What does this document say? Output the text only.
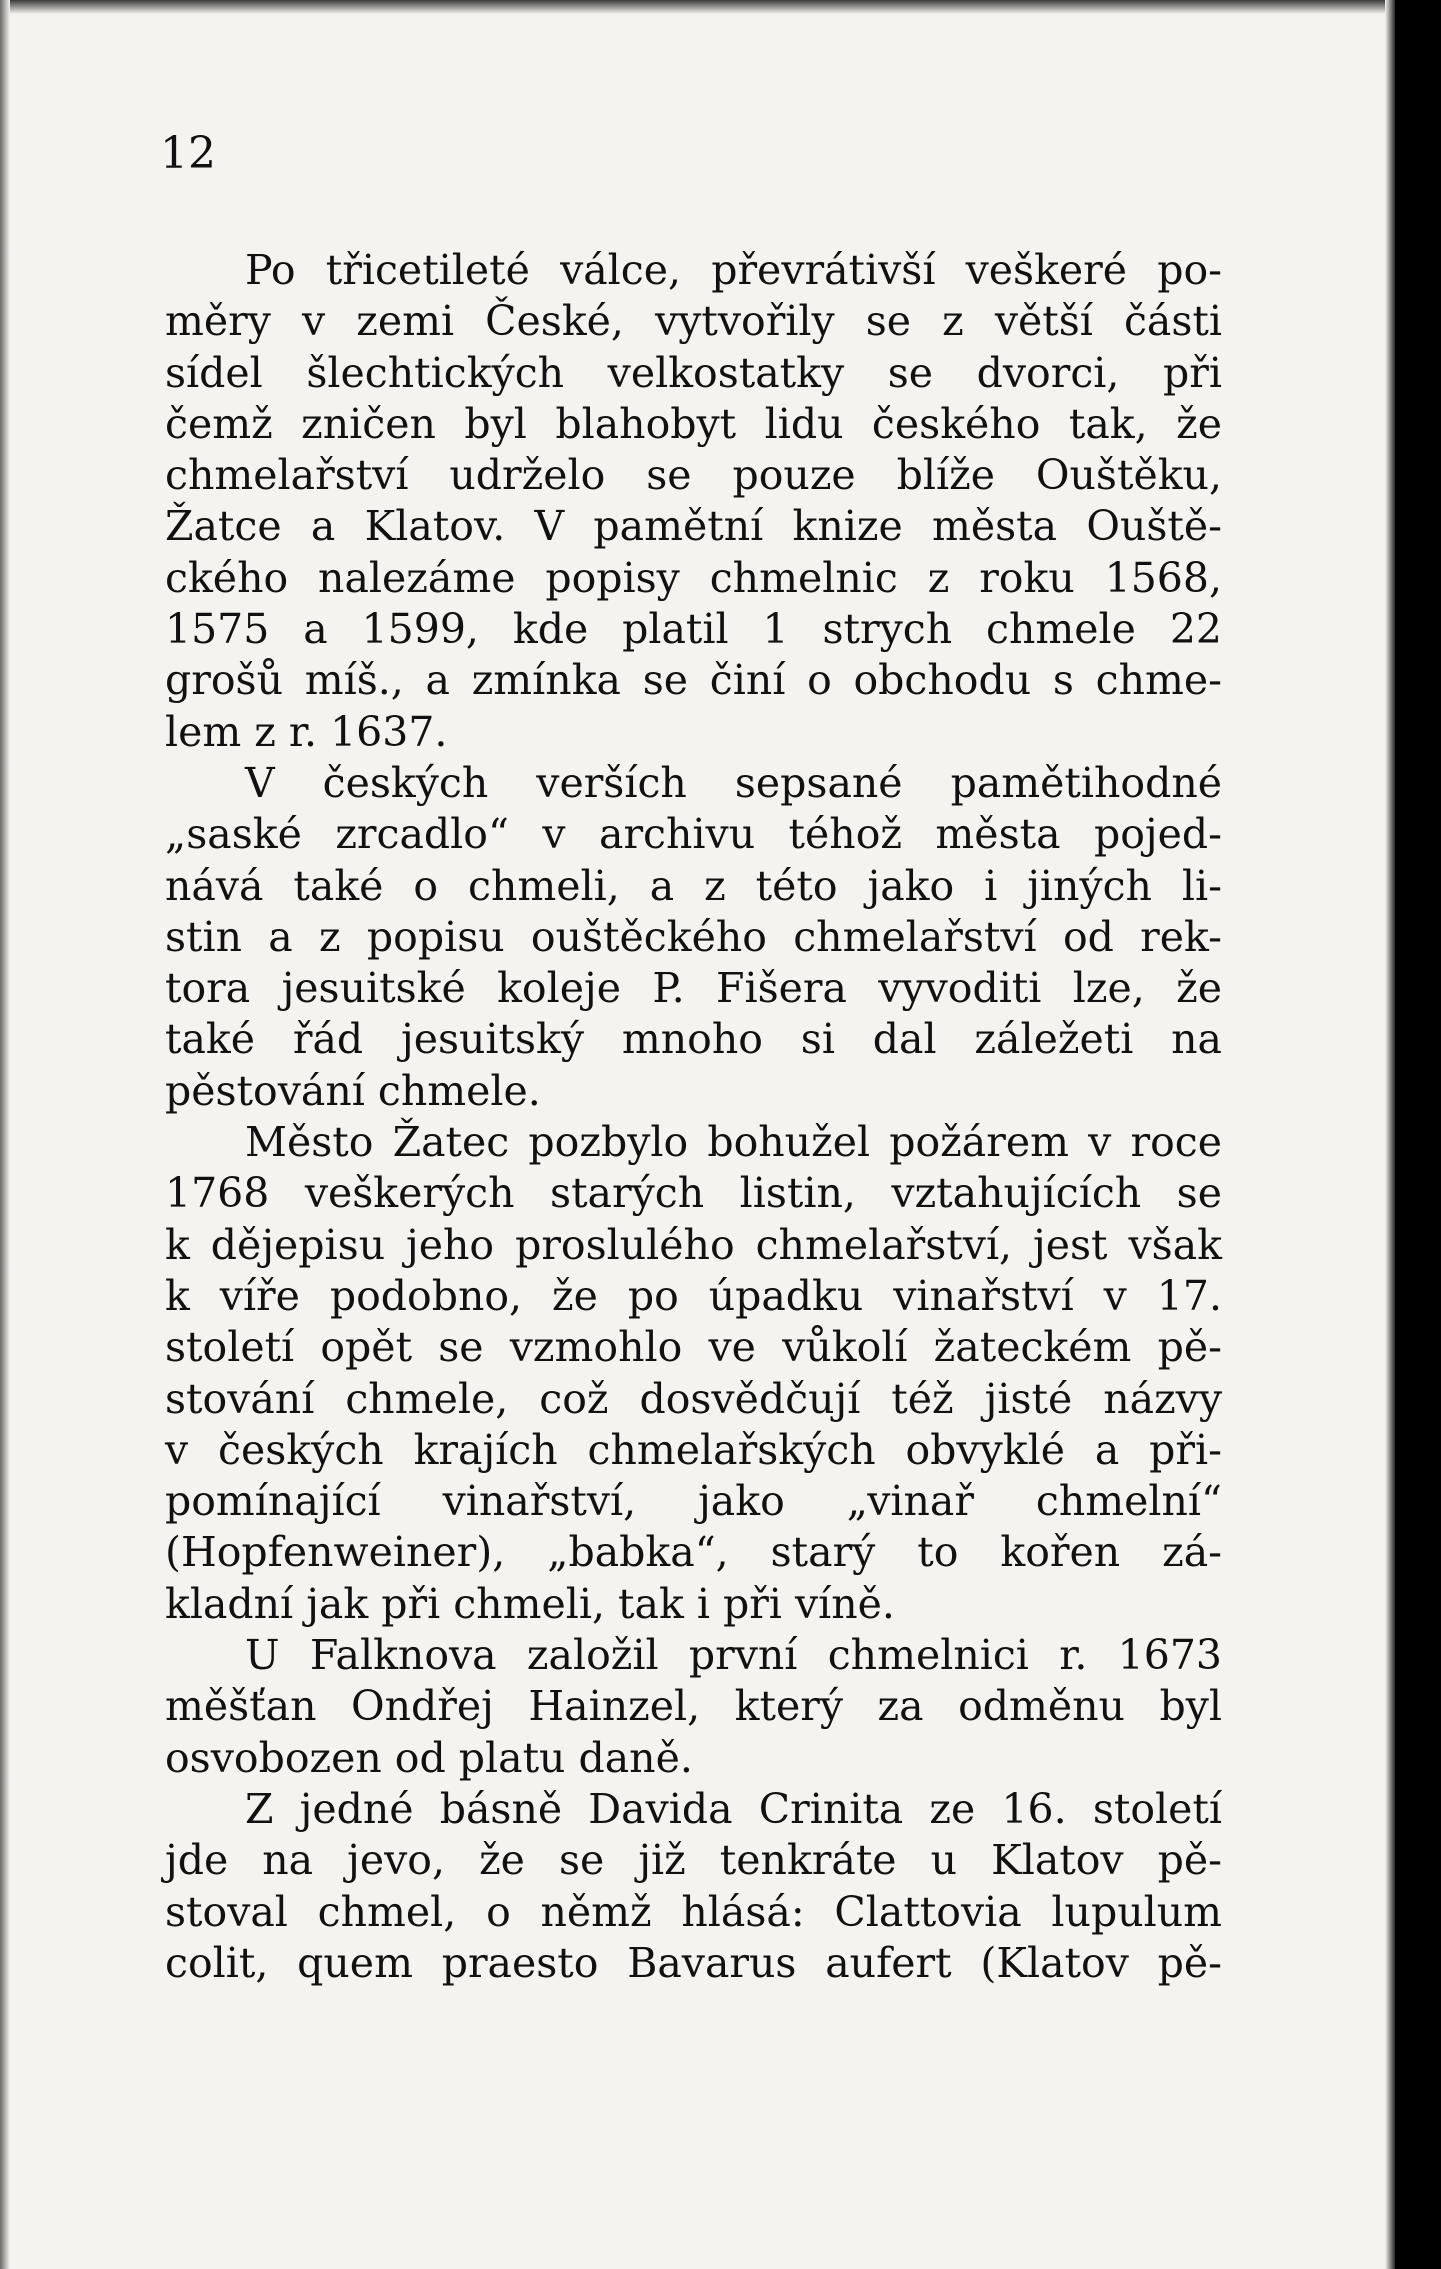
12

Po třicetileté válce, převrátivší veškeré po-
měry v zemi České, vytvořily se z větší části
sídel šlechtických velkostatky se dvorci, při
čemž zničen byl blahobyt lidu českého tak, že
chmelařství udrželo se pouze blíže Ouštěku,
Žatce a Klatov. V pamětní knize města Ouště-
ckého nalezáme popisy chmelnic z roku 1568,
1575 a 1599, kde platil 1 strych chmele 22
grošů míš., a zmínka se činí o obchodu s chme-
lem z r. 1637.
V českých verších sepsané pamětihodné
„saské zrcadlo“ v archivu téhož města pojed-
nává také o chmeli, a z této jako i jiných li-
stin a z popisu ouštěckého chmelařství od rek-
tora jesuitské koleje P. Fišera vyvoditi lze, že
také řád jesuitský mnoho si dal záležeti na
pěstování chmele.
Město Žatec pozbylo bohužel požárem v roce
1768 veškerých starých listin, vztahujících se
k dějepisu jeho proslulého chmelařství, jest však
k víře podobno, že po úpadku vinařství v 17.
století opět se vzmohlo ve vůkolí žateckém pě-
stování chmele, což dosvědčují též jisté názvy
v českých krajích chmelařských obvyklé a při-
pomínající vinařství, jako „vinař chmelní“
(Hopfenweiner), „babka“, starý to kořen zá-
kladní jak při chmeli, tak i při víně.
U Falknova založil první chmelnici r. 1673
měšťan Ondřej Hainzel, který za odměnu byl
osvobozen od platu daně.
Z jedné básně Davida Crinita ze 16. století
jde na jevo, že se již tenkráte u Klatov pě-
stoval chmel, o němž hlásá: Clattovia lupulum
colit, quem praesto Bavarus aufert (Klatov pě-
